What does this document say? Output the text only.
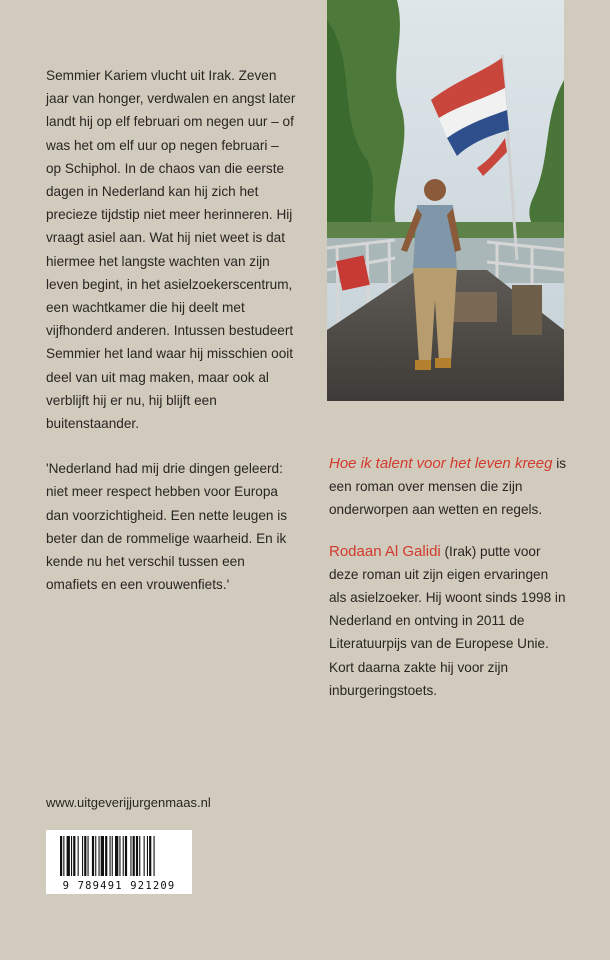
Semmier Kariem vlucht uit Irak. Zeven jaar van honger, verdwalen en angst later landt hij op elf februari om negen uur – of was het om elf uur op negen februari – op Schiphol. In de chaos van die eerste dagen in Nederland kan hij zich het precieze tijdstip niet meer herinneren. Hij vraagt asiel aan. Wat hij niet weet is dat hiermee het langste wachten van zijn leven begint, in het asielzoekerscentrum, een wachtkamer die hij deelt met vijfhonderd anderen. Intussen bestudeert Semmier het land waar hij misschien ooit deel van uit mag maken, maar ook al verblijft hij er nu, hij blijft een buitenstaander.

'Nederland had mij drie dingen geleerd: niet meer respect hebben voor Europa dan voorzichtigheid. Een nette leugen is beter dan de rommelige waarheid. En ik kende nu het verschil tussen een omafiets en een vrouwenfiets.'

Hoe ik talent voor het leven kreeg is een roman over mensen die zijn onderworpen aan wetten en regels.

Rodaan Al Galidi (Irak) putte voor deze roman uit zijn eigen ervaringen als asielzoeker. Hij woont sinds 1998 in Nederland en ontving in 2011 de Literatuurpijs van de Europese Unie. Kort daarna zakte hij voor zijn inburgeringstoets.

www.uitgeverijjurgenmaas.nl
9 789491 921209
